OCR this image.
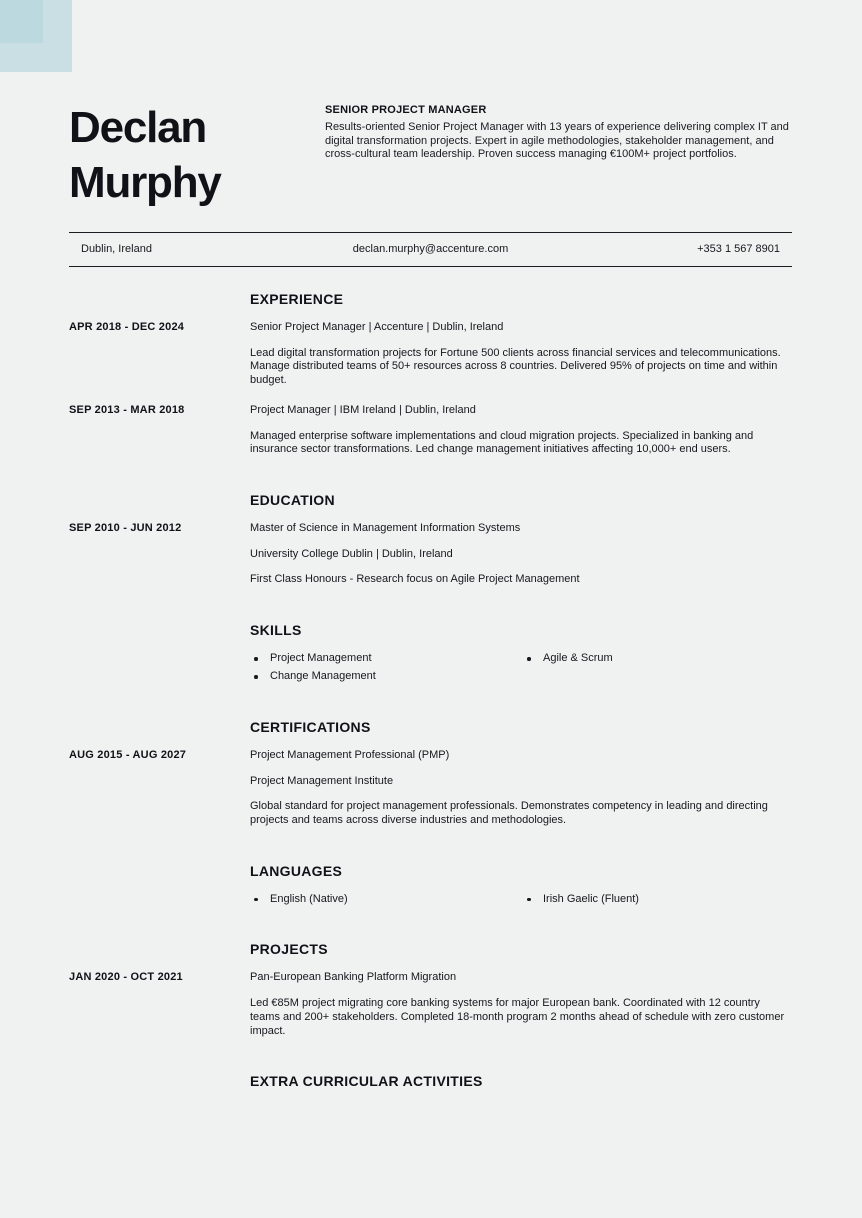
Declan
Murphy
SENIOR PROJECT MANAGER

Results-oriented Senior Project Manager with 13 years of experience delivering complex IT and digital transformation projects. Expert in agile methodologies, stakeholder management, and cross-cultural team leadership. Proven success managing €100M+ project portfolios.

Dublin, Ireland	declan.murphy@accenture.com	+353 1 567 8901
EXPERIENCE
APR 2018 - DEC 2024	Senior Project Manager | Accenture | Dublin, Ireland

Lead digital transformation projects for Fortune 500 clients across financial services and telecommunications. Manage distributed teams of 50+ resources across 8 countries. Delivered 95% of projects on time and within budget.

SEP 2013 - MAR 2018	Project Manager | IBM Ireland | Dublin, Ireland

Managed enterprise software implementations and cloud migration projects. Specialized in banking and insurance sector transformations. Led change management initiatives affecting 10,000+ end users.

EDUCATION
SEP 2010 - JUN 2012	Master of Science in Management Information Systems

University College Dublin | Dublin, Ireland

First Class Honours - Research focus on Agile Project Management

SKILLS
Project Management
Change Management
Agile & Scrum
CERTIFICATIONS
AUG 2015 - AUG 2027	Project Management Professional (PMP)

Project Management Institute

Global standard for project management professionals. Demonstrates competency in leading and directing projects and teams across diverse industries and methodologies.

LANGUAGES
English (Native)	Irish Gaelic (Fluent)
PROJECTS
JAN 2020 - OCT 2021	Pan-European Banking Platform Migration

Led €85M project migrating core banking systems for major European bank. Coordinated with 12 country teams and 200+ stakeholders. Completed 18-month program 2 months ahead of schedule with zero customer impact.

EXTRA CURRICULAR ACTIVITIES
